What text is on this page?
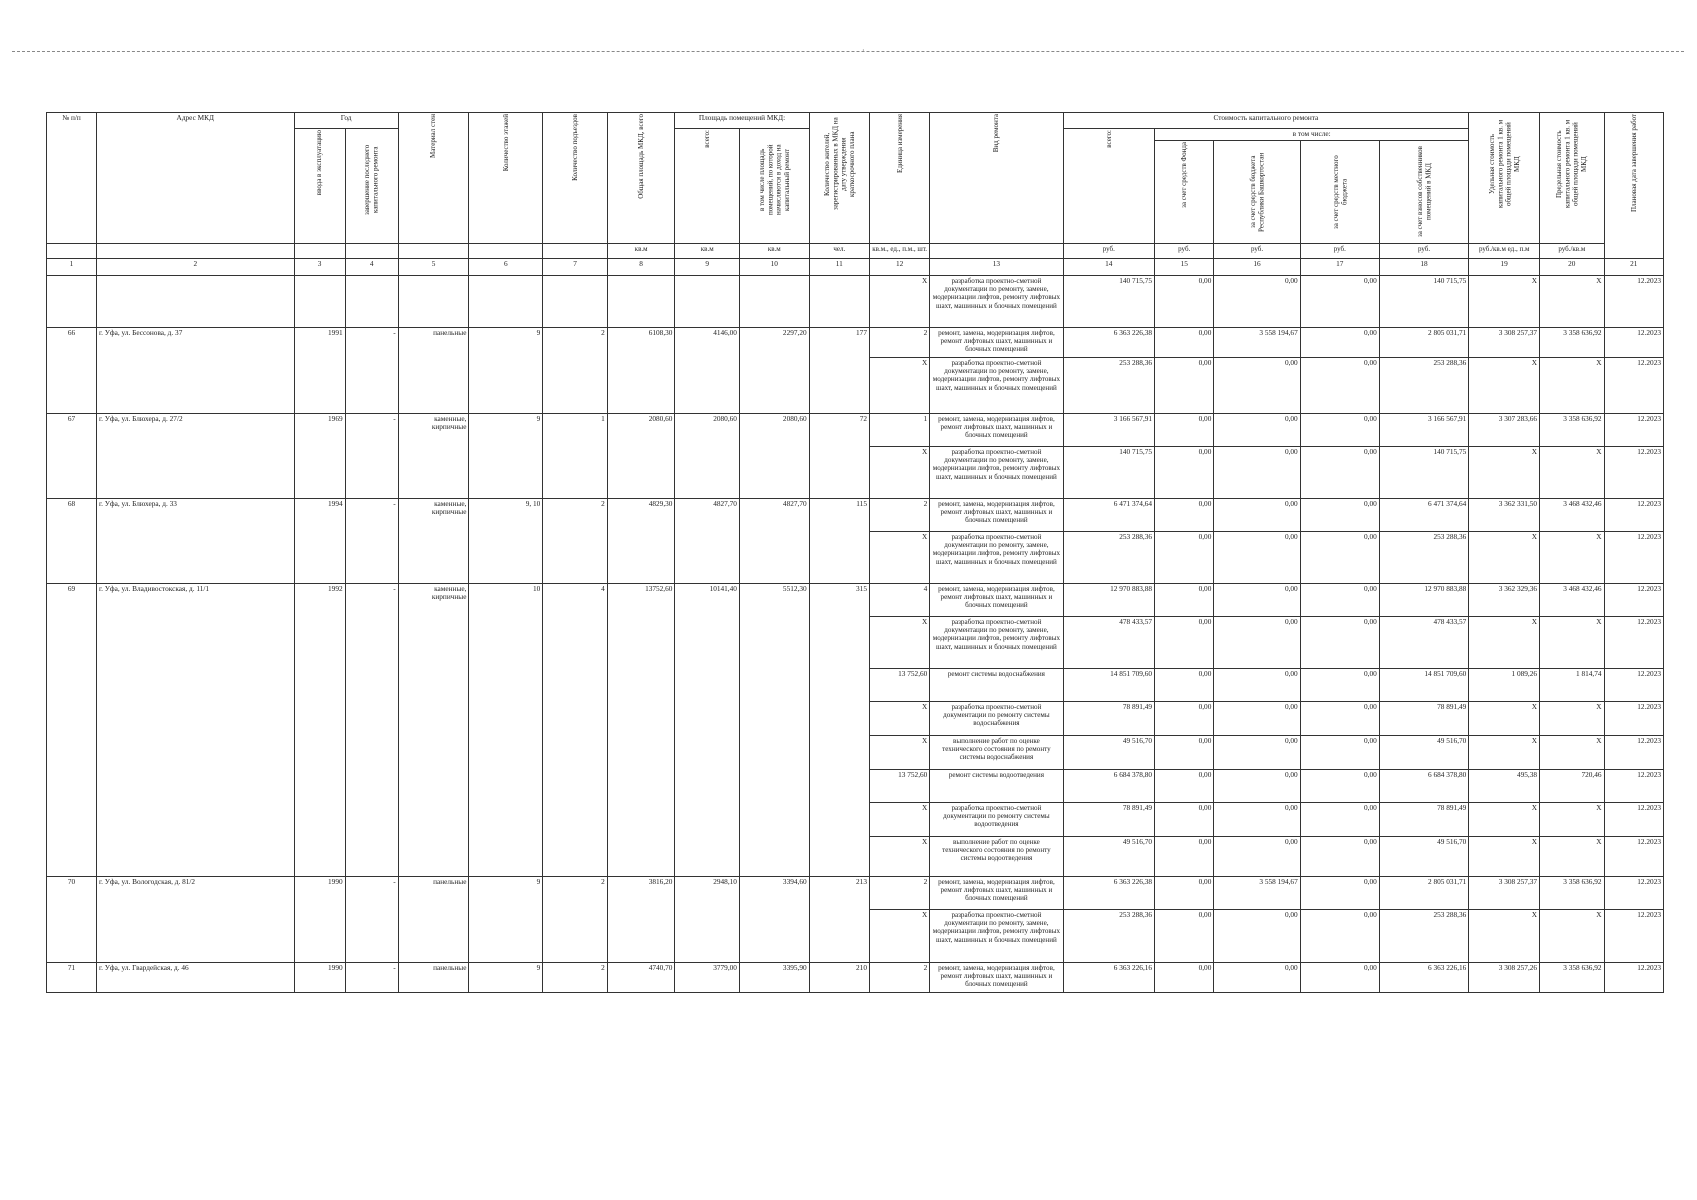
·
№ п/п	Адрес МКД	Год		Материал стен	Количество этажей	Количество подъездов	Общая площадь МКД, всего	Площадь помещений МКД:		Количество жителей, зарегистрированных в МКД на дату утверждения краткосрочного плана	Единица измерения	Вид ремонта	Стоимость капитального ремонта					Удельная стоимость капитального ремонта 1 кв. м общей площади помещений МКД	Предельная стоимость капитального ремонта 1 кв. м общей площади помещений МКД	Плановая дата завершения работ

		ввода в эксплуатацию	завершение последнего капитального ремонта					всего:	в том числе площадь помещений, по которой начисляются в доход на капитальный ремонт				всего:	в том числе:						

														за счет средств Фонда	за счет средств бюджета Республики Башкортостан	за счет средств местного бюджета	за счет взносов собственников помещений в МКД			

							кв.м	кв.м	кв.м	чел.	кв.м., ед., п.м., шт.		руб.	руб.	руб.	руб.	руб.	руб./кв.м ед., п.м	руб./кв.м	
1	2	3	4	5	6	7	8	9	10	11	12	13	14	15	16	17	18	19	20	21
											X	разработка проектно-сметной документации по ремонту, замене, модернизации лифтов, ремонту лифтовых шахт, машинных и блочных помещений	140 715,75	0,00	0,00	0,00	140 715,75	X	X	12.2023
66	г. Уфа, ул. Бессонова, д. 37	1991	-	панельные	9	2	6108,30	4146,00	2297,20	177	2	ремонт, замена, модернизация лифтов, ремонт лифтовых шахт, машинных и блочных помещений	6 363 226,38	0,00	3 558 194,67	0,00	2 805 031,71	3 308 257,37	3 358 636,92	12.2023
											X	разработка проектно-сметной документации по ремонту, замене, модернизации лифтов, ремонту лифтовых шахт, машинных и блочных помещений	253 288,36	0,00	0,00	0,00	253 288,36	X	X	12.2023
67	г. Уфа, ул. Блюхера, д. 27/2	1969	-	каменные, кирпичные	9	1	2080,60	2080,60	2080,60	72	1	ремонт, замена, модернизация лифтов, ремонт лифтовых шахт, машинных и блочных помещений	3 166 567,91	0,00	0,00	0,00	3 166 567,91	3 307 283,66	3 358 636,92	12.2023
											X	разработка проектно-сметной документации по ремонту, замене, модернизации лифтов, ремонту лифтовых шахт, машинных и блочных помещений	140 715,75	0,00	0,00	0,00	140 715,75	X	X	12.2023
68	г. Уфа, ул. Блюхера, д. 33	1994	-	каменные, кирпичные	9, 10	2	4829,30	4827,70	4827,70	115	2	ремонт, замена, модернизация лифтов, ремонт лифтовых шахт, машинных и блочных помещений	6 471 374,64	0,00	0,00	0,00	6 471 374,64	3 362 331,50	3 468 432,46	12.2023
											X	разработка проектно-сметной документации по ремонту, замене, модернизации лифтов, ремонту лифтовых шахт, машинных и блочных помещений	253 288,36	0,00	0,00	0,00	253 288,36	X	X	12.2023
69	г. Уфа, ул. Владивостокская, д. 11/1	1992	-	каменные, кирпичные	10	4	13752,60	10141,40	5512,30	315	4	ремонт, замена, модернизация лифтов, ремонт лифтовых шахт, машинных и блочных помещений	12 970 883,88	0,00	0,00	0,00	12 970 883,88	3 362 329,36	3 468 432,46	12.2023
											X	разработка проектно-сметной документации по ремонту, замене, модернизации лифтов, ремонту лифтовых шахт, машинных и блочных помещений	478 433,57	0,00	0,00	0,00	478 433,57	X	X	12.2023
											13 752,60	ремонт системы водоснабжения	14 851 709,60	0,00	0,00	0,00	14 851 709,60	1 089,26	1 814,74	12.2023
											X	разработка проектно-сметной документации по ремонту системы водоснабжения	78 891,49	0,00	0,00	0,00	78 891,49	X	X	12.2023
											X	выполнение работ по оценке технического состояния по ремонту системы водоснабжения	49 516,70	0,00	0,00	0,00	49 516,70	X	X	12.2023
											13 752,60	ремонт системы водоотведения	6 684 378,80	0,00	0,00	0,00	6 684 378,80	495,38	720,46	12.2023
											X	разработка проектно-сметной документации по ремонту системы водоотведения	78 891,49	0,00	0,00	0,00	78 891,49	X	X	12.2023
											X	выполнение работ по оценке технического состояния по ремонту системы водоотведения	49 516,70	0,00	0,00	0,00	49 516,70	X	X	12.2023
70	г. Уфа, ул. Вологодская, д. 81/2	1990	-	панельные	9	2	3816,20	2948,10	3394,60	213	2	ремонт, замена, модернизация лифтов, ремонт лифтовых шахт, машинных и блочных помещений	6 363 226,38	0,00	3 558 194,67	0,00	2 805 031,71	3 308 257,37	3 358 636,92	12.2023
											X	разработка проектно-сметной документации по ремонту, замене, модернизации лифтов, ремонту лифтовых шахт, машинных и блочных помещений	253 288,36	0,00	0,00	0,00	253 288,36	X	X	12.2023
71	г. Уфа, ул. Гвардейская, д. 46	1990	-	панельные	9	2	4740,70	3779,00	3395,90	210	2	ремонт, замена, модернизация лифтов, ремонт лифтовых шахт, машинных и блочных помещений	6 363 226,16	0,00	0,00	0,00	6 363 226,16	3 308 257,26	3 358 636,92	12.2023
